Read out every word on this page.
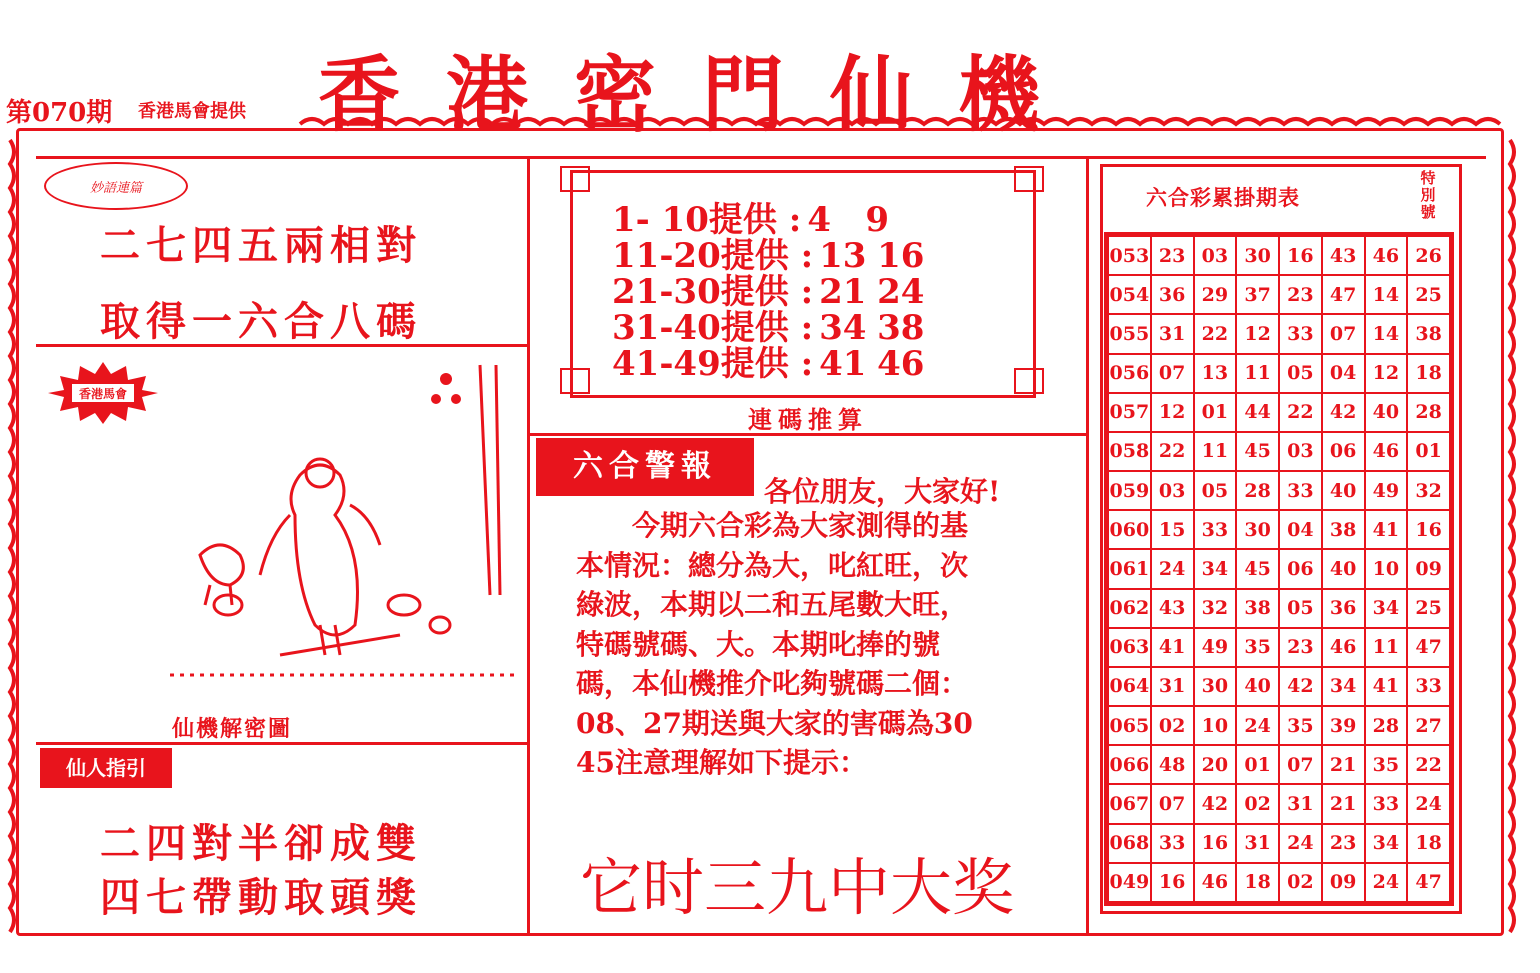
第070期 香港馬會提供 香港密門仙機
妙語連篇
二七四五兩相對
取得一六合八碼
香港馬會
仙機解密圖
仙人指引
二四對半卻成雙
四七帶動取頭獎
1- 10提供 : 4 9
11-20提供 : 13 16
21-30提供 : 21 24
31-40提供 : 34 38
41-49提供 : 41 46
連碼推算
六合警報
各位朋友，大家好!
　　今期六合彩為大家測得的基
本情況：總分為大，叱紅旺，次
綠波，本期以二和五尾數大旺，
特碼號碼、大。本期叱捧的號
碼，本仙機推介叱夠號碼二個：
08、27期送與大家的害碼為30
45注意理解如下提示：
它时三九中大奖
六合彩累掛期表
特別號
053	23	03	30	16	43	46	26
054	36	29	37	23	47	14	25
055	31	22	12	33	07	14	38
056	07	13	11	05	04	12	18
057	12	01	44	22	42	40	28
058	22	11	45	03	06	46	01
059	03	05	28	33	40	49	32
060	15	33	30	04	38	41	16
061	24	34	45	06	40	10	09
062	43	32	38	05	36	34	25
063	41	49	35	23	46	11	47
064	31	30	40	42	34	41	33
065	02	10	24	35	39	28	27
066	48	20	01	07	21	35	22
067	07	42	02	31	21	33	24
068	33	16	31	24	23	34	18
049	16	46	18	02	09	24	47
